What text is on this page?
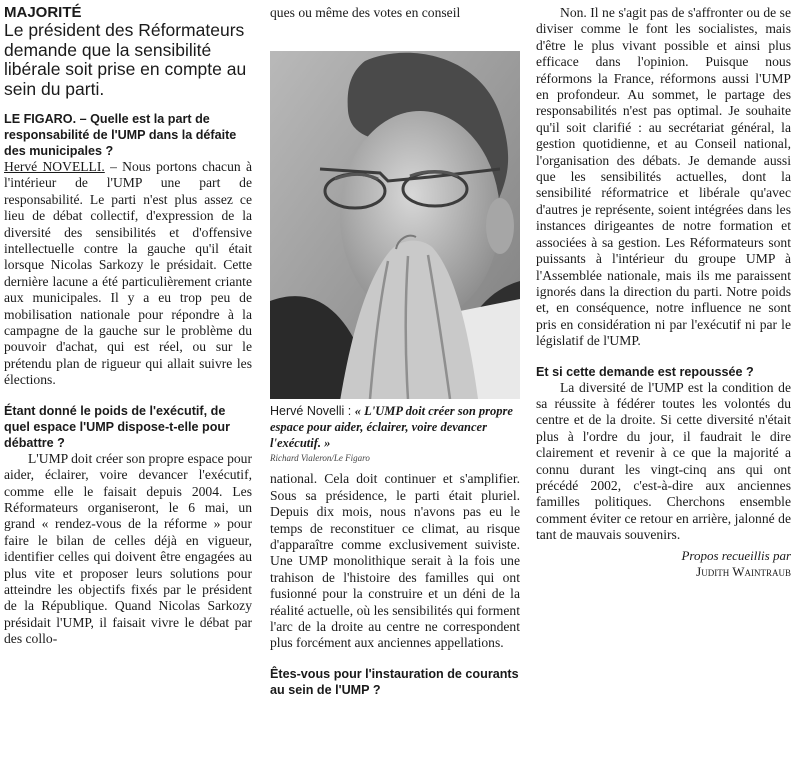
MAJORITÉ

Le président des Réformateurs demande que la sensibilité libérale soit prise en compte au sein du parti.

LE FIGARO. – Quelle est la part de responsabilité de l'UMP dans la défaite des municipales ?

Hervé NOVELLI. – Nous portons chacun à l'intérieur de l'UMP une part de responsabilité. Le parti n'est plus assez ce lieu de débat collectif, d'expression de la diversité des sensibilités et d'offensive intellectuelle contre la gauche qu'il était lorsque Nicolas Sarkozy le présidait. Cette dernière lacune a été particulièrement criante aux municipales. Il y a eu trop peu de mobilisation nationale pour répondre à la campagne de la gauche sur le problème du pouvoir d'achat, qui est réel, ou sur le prétendu plan de rigueur qui allait suivre les élections.

Étant donné le poids de l'exécutif, de quel espace l'UMP dispose-t-elle pour débattre ?

L'UMP doit créer son propre espace pour aider, éclairer, voire devancer l'exécutif, comme elle le faisait depuis 2004. Les Réformateurs organiseront, le 6 mai, un grand « rendez-vous de la réforme » pour faire le bilan de celles déjà en vigueur, identifier celles qui doivent être engagées au plus vite et proposer leurs solutions pour atteindre les objectifs fixés par le président de la République. Quand Nicolas Sarkozy présidait l'UMP, il faisait vivre le débat par des collo-

ques ou même des votes en conseil

Hervé Novelli : « L'UMP doit créer son propre espace pour aider, éclairer, voire devancer l'exécutif. »

Richard Vialeron/Le Figaro

national. Cela doit continuer et s'amplifier. Sous sa présidence, le parti était pluriel. Depuis dix mois, nous n'avons pas eu le temps de reconstituer ce climat, au risque d'apparaître comme exclusivement suiviste. Une UMP monolithique serait à la fois une trahison de l'histoire des familles qui ont fusionné pour la construire et un déni de la réalité actuelle, où les sensibilités qui forment l'arc de la droite au centre ne correspondent plus forcément aux anciennes appellations.

Êtes-vous pour l'instauration de courants au sein de l'UMP ?

Non. Il ne s'agit pas de s'affronter ou de se diviser comme le font les socialistes, mais d'être le plus vivant possible et ainsi plus efficace dans l'opinion. Puisque nous réformons la France, réformons aussi l'UMP en profondeur. Au sommet, le partage des responsabilités n'est pas optimal. Je souhaite qu'il soit clarifié : au secrétariat général, la gestion quotidienne, et au Conseil national, l'organisation des débats. Je demande aussi que les sensibilités actuelles, dont la sensibilité réformatrice et libérale qu'avec d'autres je représente, soient intégrées dans les instances dirigeantes de notre formation et associées à sa gestion. Les Réformateurs sont puissants à l'intérieur du groupe UMP à l'Assemblée nationale, mais ils me paraissent ignorés dans la direction du parti. Notre poids et, en conséquence, notre influence ne sont pris en considération ni par l'exécutif ni par le législatif de l'UMP.

Et si cette demande est repoussée ?

La diversité de l'UMP est la condition de sa réussite à fédérer toutes les volontés du centre et de la droite. Si cette diversité n'était plus à l'ordre du jour, il faudrait le dire clairement et revenir à ce que la majorité a connu durant les vingt-cinq ans qui ont précédé 2002, c'est-à-dire aux anciennes familles politiques. Cherchons ensemble comment éviter ce retour en arrière, jalonné de tant de mauvais souvenirs.

Propos recueillis par

Judith Waintraub
